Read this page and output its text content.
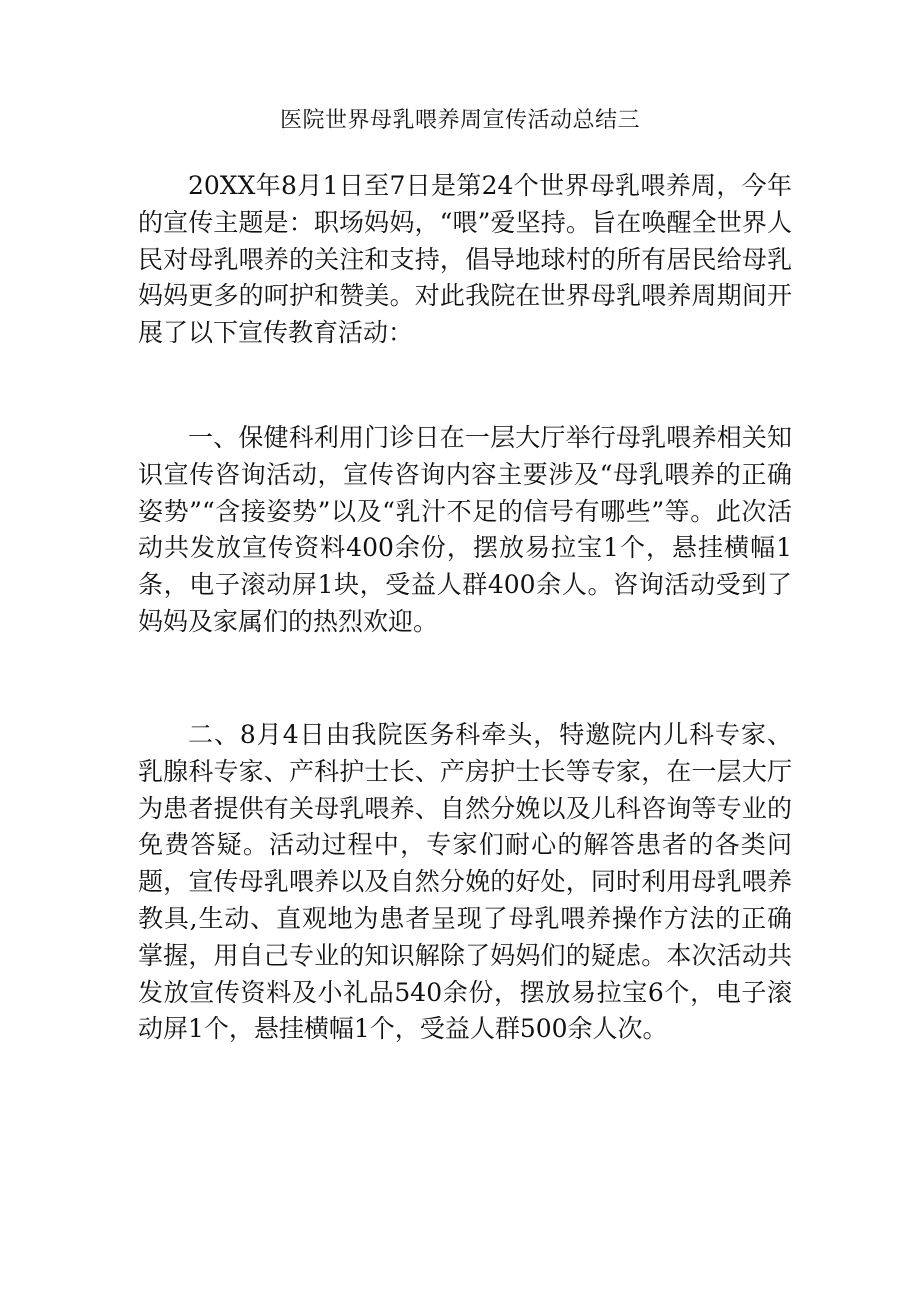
医院世界母乳喂养周宣传活动总结三

20XX年8月1日至7日是第24个世界母乳喂养周，今年的宣传主题是：职场妈妈，“喂”爱坚持。旨在唤醒全世界人民对母乳喂养的关注和支持，倡导地球村的所有居民给母乳妈妈更多的呵护和赞美。对此我院在世界母乳喂养周期间开展了以下宣传教育活动：

一、保健科利用门诊日在一层大厅举行母乳喂养相关知识宣传咨询活动，宣传咨询内容主要涉及“母乳喂养的正确姿势”“含接姿势”以及“乳汁不足的信号有哪些”等。此次活动共发放宣传资料400余份，摆放易拉宝1个，悬挂横幅1条，电子滚动屏1块，受益人群400余人。咨询活动受到了妈妈及家属们的热烈欢迎。

二、8月4日由我院医务科牵头，特邀院内儿科专家、乳腺科专家、产科护士长、产房护士长等专家，在一层大厅为患者提供有关母乳喂养、自然分娩以及儿科咨询等专业的免费答疑。活动过程中，专家们耐心的解答患者的各类问题，宣传母乳喂养以及自然分娩的好处，同时利用母乳喂养教具,生动、直观地为患者呈现了母乳喂养操作方法的正确掌握，用自己专业的知识解除了妈妈们的疑虑。本次活动共发放宣传资料及小礼品540余份，摆放易拉宝6个，电子滚动屏1个，悬挂横幅1个，受益人群500余人次。
